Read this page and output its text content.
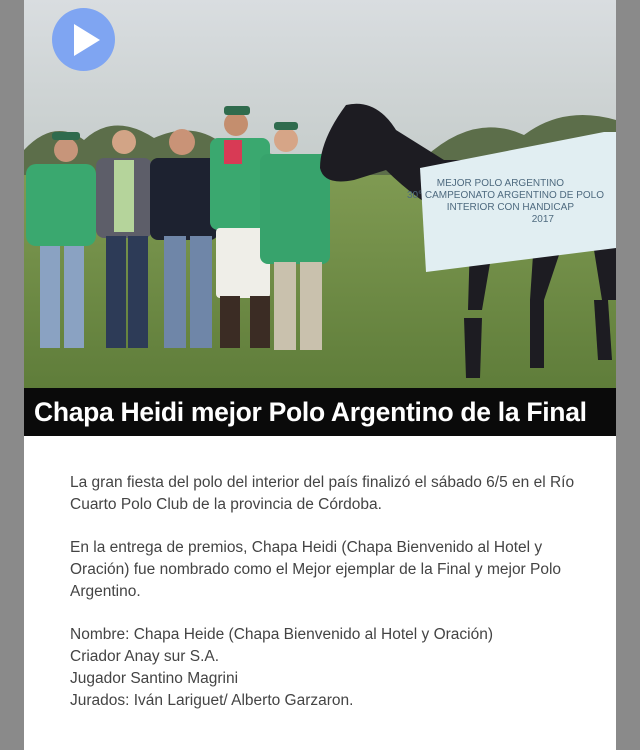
MEJOR POLO ARGENTINO
30° CAMPEONATO ARGENTINO DE POLO
INTERIOR CON HANDICAP
2017
Chapa Heidi mejor Polo Argentino de la Final

La gran fiesta del polo del interior del país finalizó el sábado 6/5 en el Río Cuarto Polo Club de la provincia de Córdoba.

En la entrega de premios, Chapa Heidi (Chapa Bienvenido al Hotel y Oración) fue nombrado como el Mejor ejemplar de la Final y mejor Polo Argentino.

Nombre: Chapa Heide (Chapa Bienvenido al Hotel y Oración)
Criador Anay sur S.A.
Jugador Santino Magrini
Jurados: Iván Lariguet/ Alberto Garzaron.
